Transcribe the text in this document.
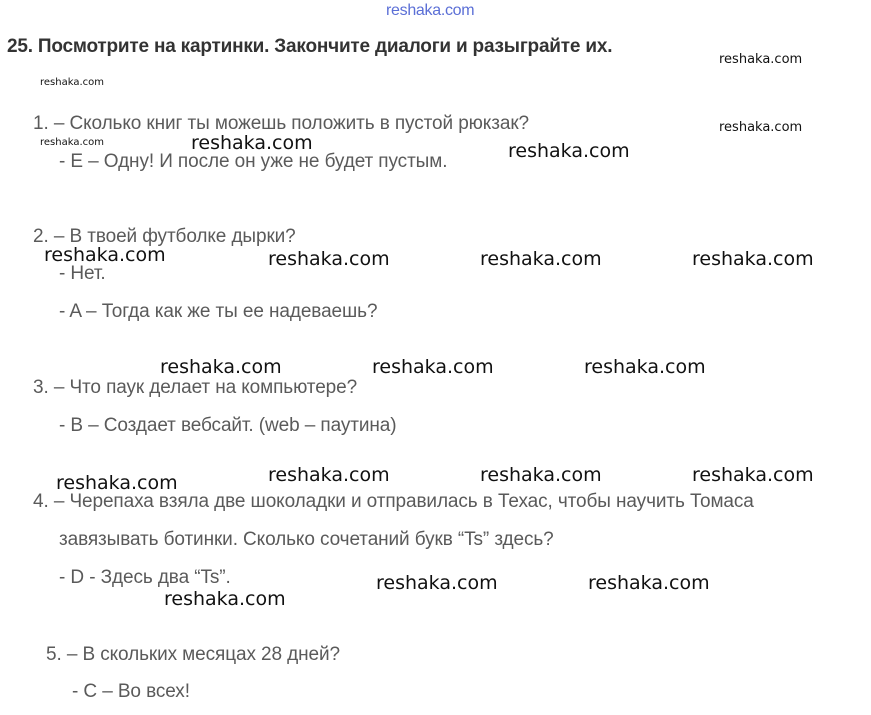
reshaka.com
25. Посмотрите на картинки. Закончите диалоги и разыграйте их.
1. – Сколько книг ты можешь положить в пустой рюкзак?
- E – Одну! И после он уже не будет пустым.
2. – В твоей футболке дырки?
- Нет.
- A – Тогда как же ты ее надеваешь?
3. – Что паук делает на компьютере?
- B – Создает вебсайт. (web – паутина)
4. – Черепаха взяла две шоколадки и отправилась в Техас, чтобы научить Томаса
завязывать ботинки. Сколько сочетаний букв “Ts” здесь?
- D - Здесь два “Ts”.
5. – В скольких месяцах 28 дней?
- C – Во всех!
reshaka.com
reshaka.com
reshaka.com
reshaka.com	reshaka.com	reshaka.com
reshaka.com	reshaka.com	reshaka.com	reshaka.com
reshaka.com	reshaka.com	reshaka.com
reshaka.com	reshaka.com	reshaka.com	reshaka.com
reshaka.com	reshaka.com
reshaka.com
